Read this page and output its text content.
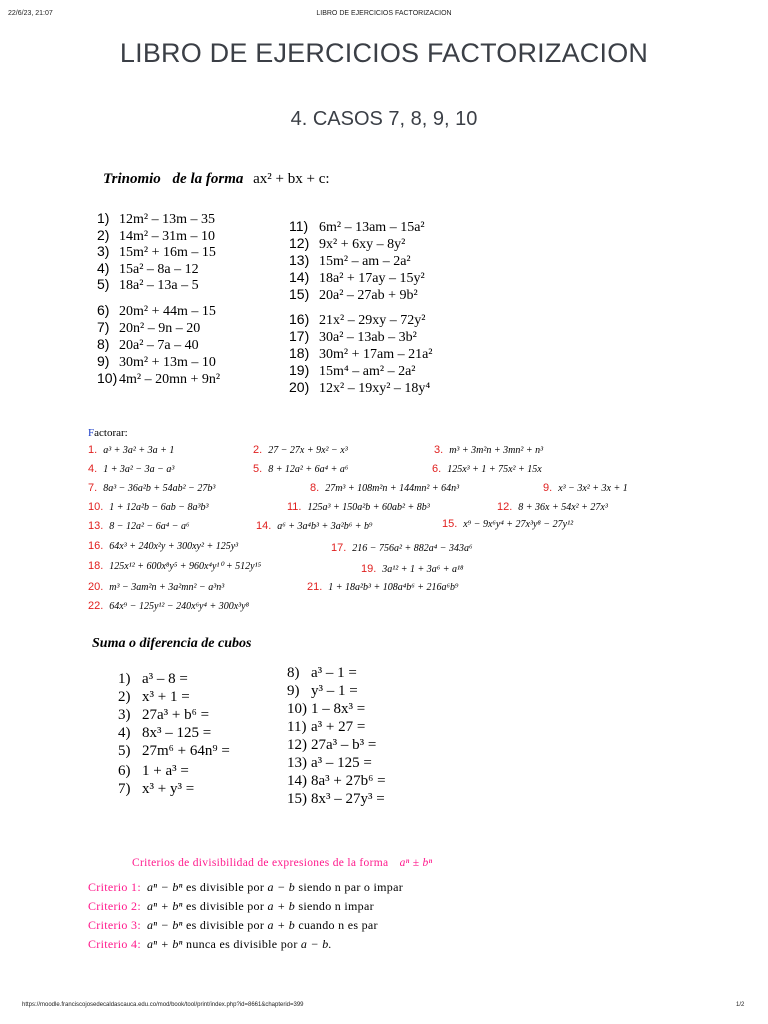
22/6/23, 21:07	LIBRO DE EJERCICIOS FACTORIZACION
LIBRO DE EJERCICIOS FACTORIZACION
4. CASOS 7, 8, 9, 10
Trinomio de la forma ax² + bx + c:
1) 12m² – 13m – 35
2) 14m² – 31m – 10
3) 15m² + 16m – 15
4) 15a² – 8a – 12
5) 18a² – 13a – 5
6) 20m² + 44m – 15
7) 20n² – 9n – 20
8) 20a² – 7a – 40
9) 30m² + 13m – 10
10) 4m² – 20mn + 9n²
11) 6m² – 13am – 15a²
12) 9x² + 6xy – 8y²
13) 15m² – am – 2a²
14) 18a² + 17ay – 15y²
15) 20a² – 27ab + 9b²
16) 21x² – 29xy – 72y²
17) 30a² – 13ab – 3b²
18) 30m² + 17am – 21a²
19) 15m⁴ – am² – 2a²
20) 12x² – 19xy² – 18y⁴
Factorar:
1. a³ + 3a² + 3a + 1	2. 27 − 27x + 9x² − x³	3. m³ + 3m²n + 3mn² + n³
4. 1 + 3a² − 3a − a³	5. 8 + 12a² + 6a⁴ + a⁶	6. 125x³ + 1 + 75x² + 15x
7. 8a³ − 36a²b + 54ab² − 27b³	8. 27m³ + 108m²n + 144mn² + 64n³	9. x³ − 3x² + 3x + 1
10. 1 + 12a²b − 6ab − 8a³b³	11. 125a³ + 150a²b + 60ab² + 8b³	12. 8 + 36x + 54x² + 27x³
13. 8 − 12a² − 6a⁴ − a⁶	14. a⁶ + 3a⁴b³ + 3a²b⁶ + b⁹	15. x⁹ − 9x⁶y⁴ + 27x³y⁸ − 27y¹²
16. 64x³ + 240x²y + 300xy² + 125y³	17. 216 − 756a² + 882a⁴ − 343a⁶
18. 125x¹² + 600x⁸y⁵ + 960x⁴y¹⁰ + 512y¹⁵	19. 3a¹² + 1 + 3a⁶ + a¹⁸
20. m³ − 3am²n + 3a²mn² − a³n³	21. 1 + 18a²b³ + 108a⁴b⁶ + 216a⁶b⁹
22. 64x⁹ − 125y¹² − 240x⁶y⁴ + 300x³y⁸
Suma o diferencia de cubos
1) a³ – 8 =
2) x³ + 1 =
3) 27a³ + b⁶ =
4) 8x³ – 125 =
5) 27m⁶ + 64n⁹ =
6) 1 + a³ =
7) x³ + y³ =
8) a³ – 1 =
9) y³ – 1 =
10) 1 – 8x³ =
11) a³ + 27 =
12) 27a³ – b³ =
13) a³ – 125 =
14) 8a³ + 27b⁶ =
15) 8x³ – 27y³ =
Criterios de divisibilidad de expresiones de la forma aⁿ ± bⁿ
Criterio 1: aⁿ − bⁿ es divisible por a − b siendo n par o impar
Criterio 2: aⁿ + bⁿ es divisible por a + b siendo n impar
Criterio 3: aⁿ − bⁿ es divisible por a + b cuando n es par
Criterio 4: aⁿ + bⁿ nunca es divisible por a − b.
https://moodle.franciscojosedecaldascauca.edu.co/mod/book/tool/print/index.php?id=8661&chapterid=399	1/2
